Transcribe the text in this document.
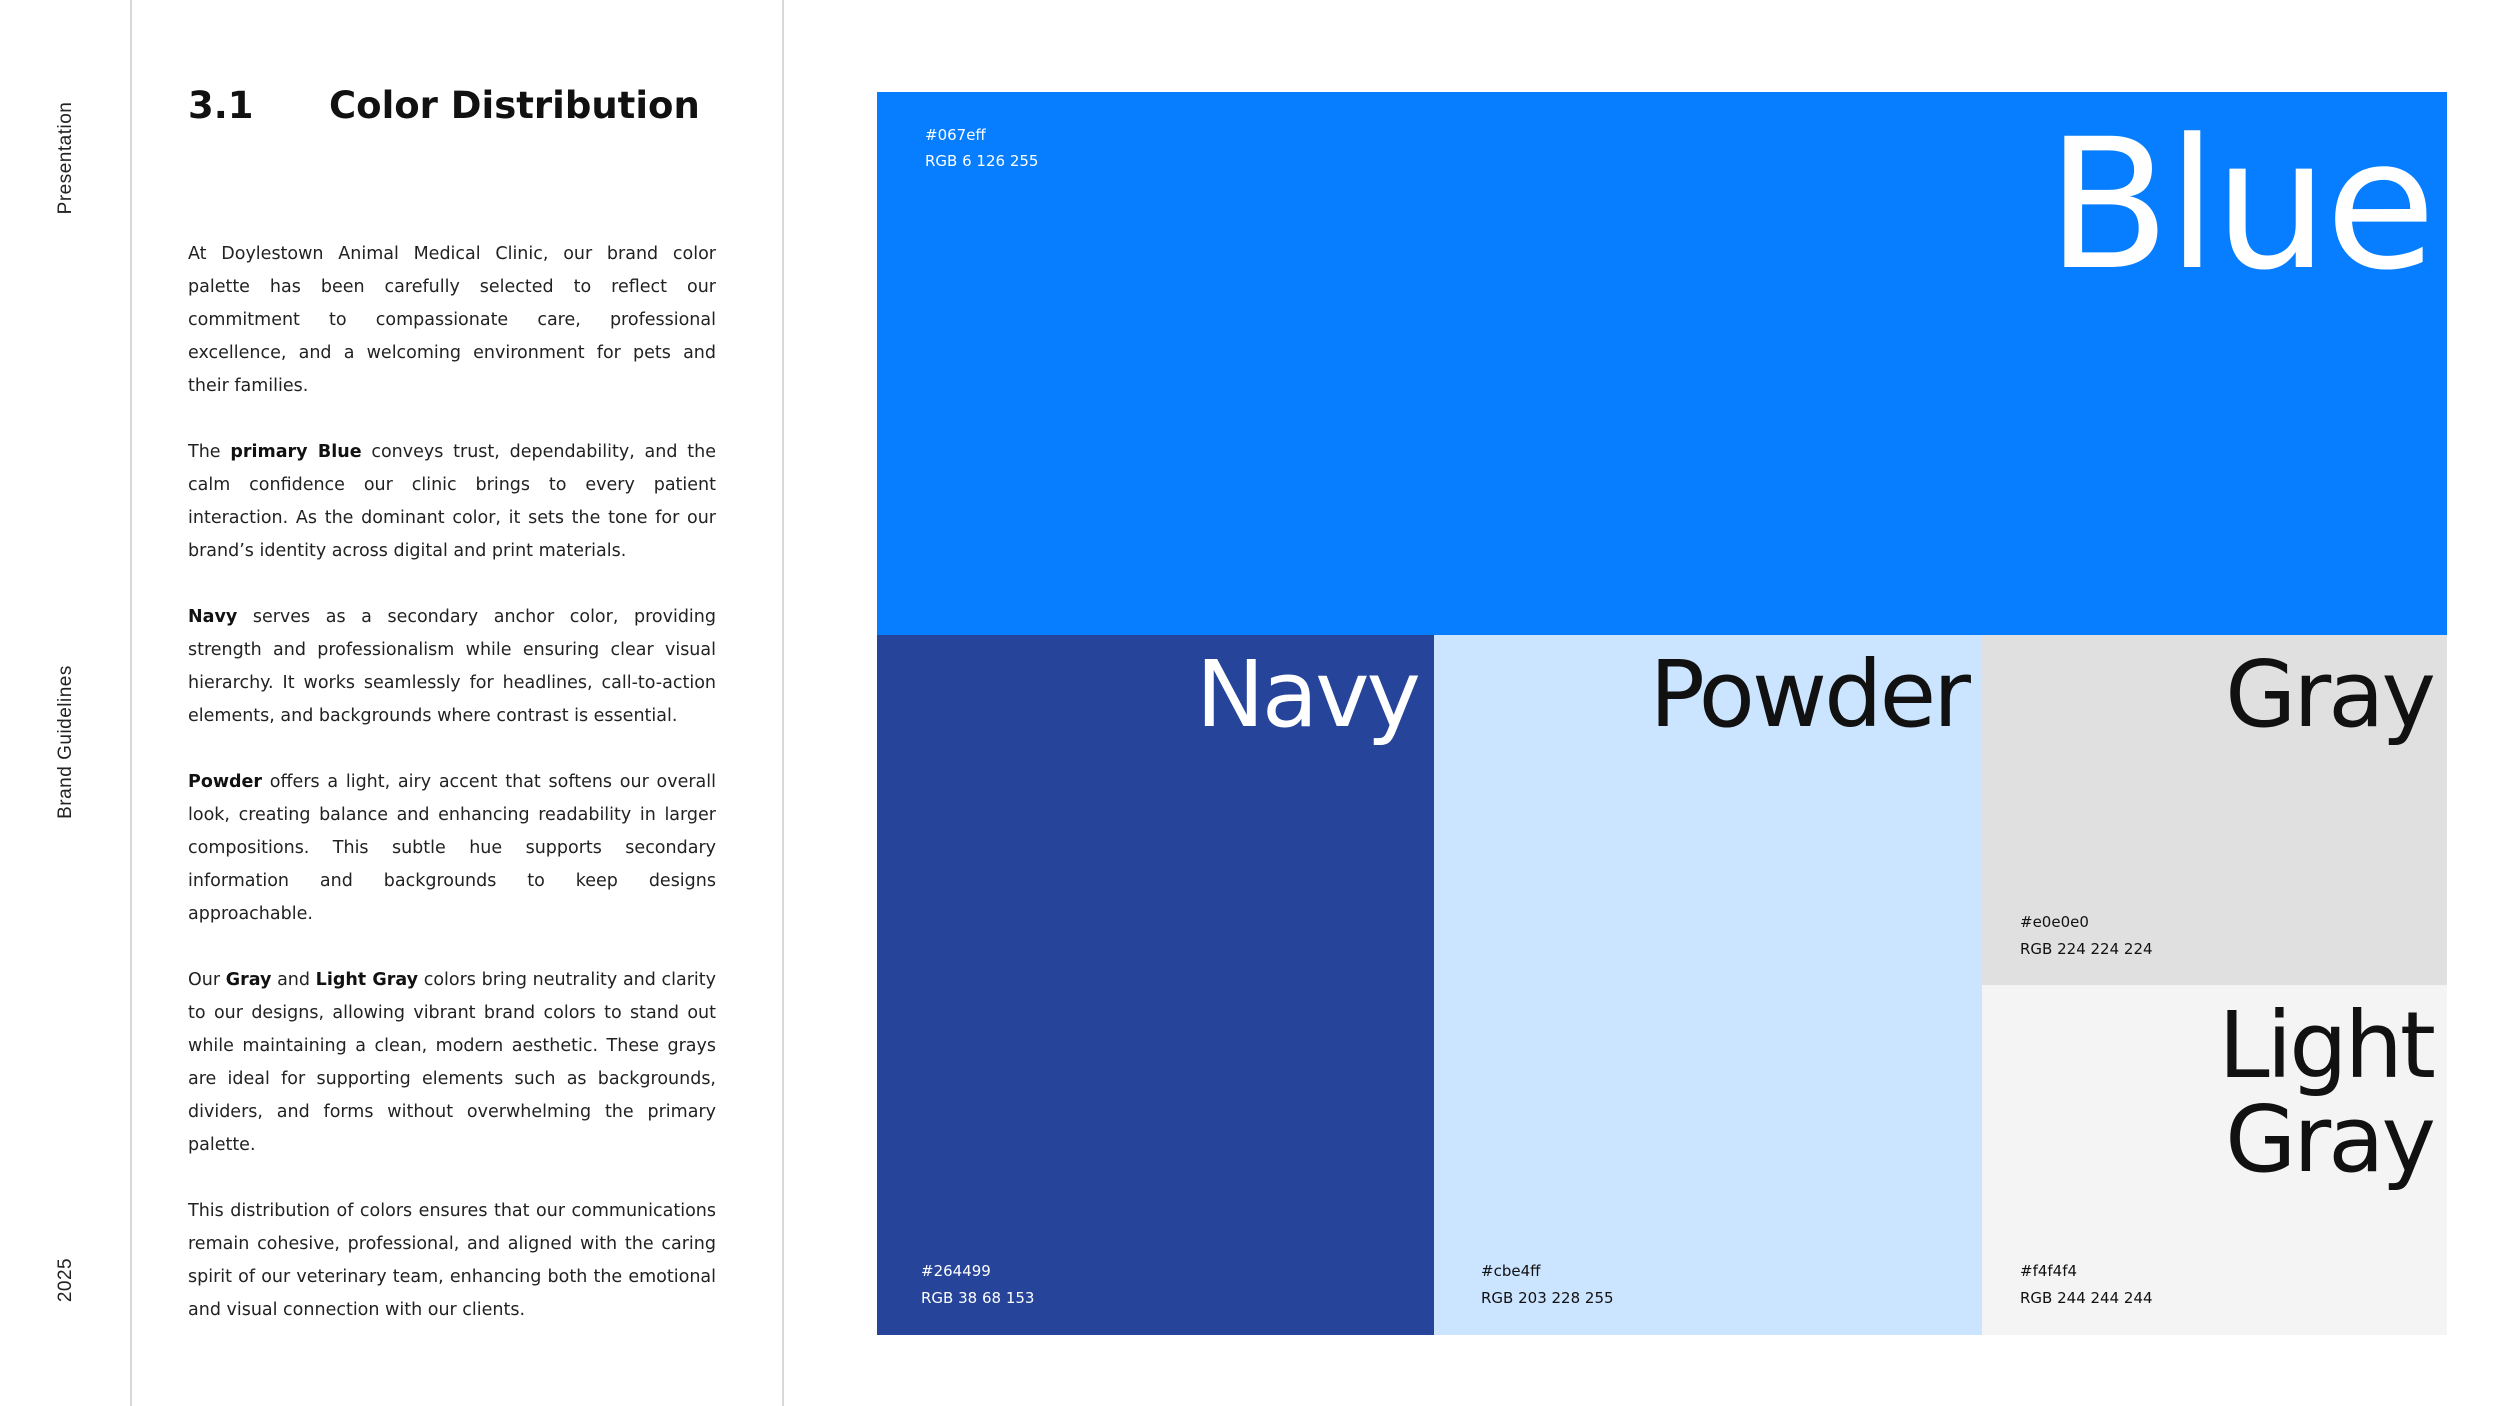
Presentation
Brand Guidelines
2025
3.1 Color Distribution

At Doylestown Animal Medical Clinic, our brand color palette has been carefully selected to reflect our commitment to compassionate care, professional excellence, and a welcoming environment for pets and their families.

The primary Blue conveys trust, dependability, and the calm confidence our clinic brings to every patient interaction. As the dominant color, it sets the tone for our brand’s identity across digital and print materials.

Navy serves as a secondary anchor color, providing strength and professionalism while ensuring clear visual hierarchy. It works seamlessly for headlines, call-to-action elements, and backgrounds where contrast is essential.

Powder offers a light, airy accent that softens our overall look, creating balance and enhancing readability in larger compositions. This subtle hue supports secondary information and backgrounds to keep designs approachable.

Our Gray and Light Gray colors bring neutrality and clarity to our designs, allowing vibrant brand colors to stand out while maintaining a clean, modern aesthetic. These grays are ideal for supporting elements such as backgrounds, dividers, and forms without overwhelming the primary palette.

This distribution of colors ensures that our communications remain cohesive, professional, and aligned with the caring spirit of our veterinary team, enhancing both the emotional and visual connection with our clients.

#067eff
RGB 6 126 255	Blue
Navy
#264499
RGB 38 68 153
Powder
#cbe4ff
RGB 203 228 255
Gray
#e0e0e0
RGB 224 224 224
Light
Gray
#f4f4f4
RGB 244 244 244
